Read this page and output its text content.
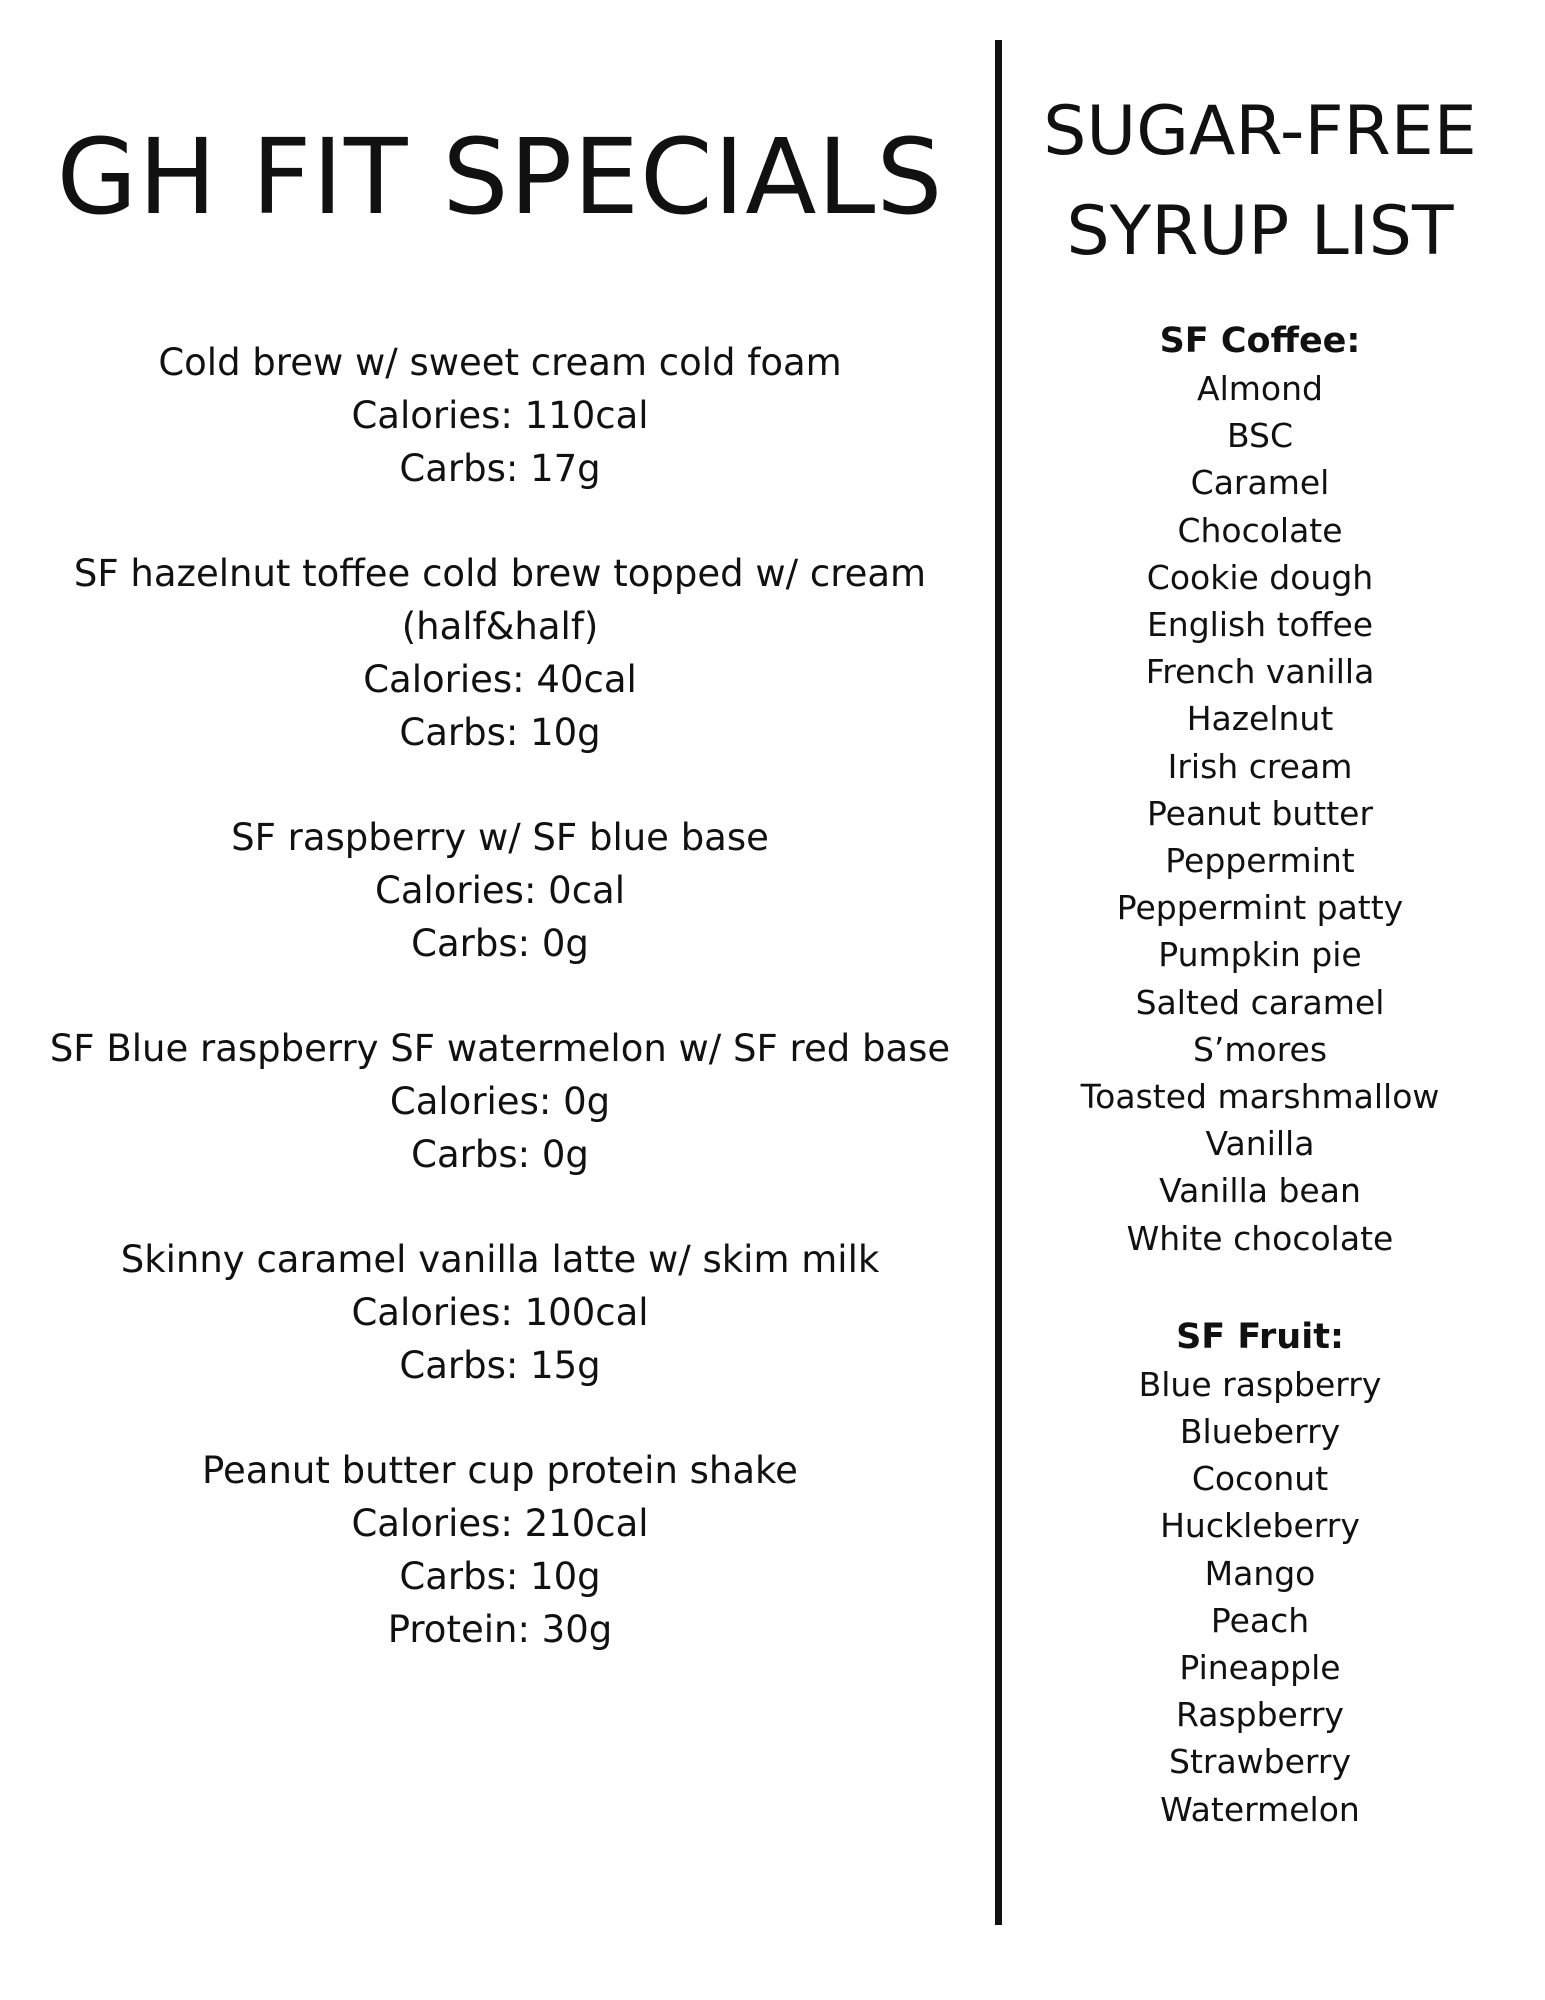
GH FIT SPECIALS
Cold brew w/ sweet cream cold foam
Calories: 110cal
Carbs: 17g
SF hazelnut toffee cold brew topped w/ cream
(half&half)
Calories: 40cal
Carbs: 10g
SF raspberry w/ SF blue base
Calories: 0cal
Carbs: 0g
SF Blue raspberry SF watermelon w/ SF red base
Calories: 0g
Carbs: 0g
Skinny caramel vanilla latte w/ skim milk
Calories: 100cal
Carbs: 15g
Peanut butter cup protein shake
Calories: 210cal
Carbs: 10g
Protein: 30g
SUGAR-FREE
SYRUP LIST
SF Coffee:
Almond
BSC
Caramel
Chocolate
Cookie dough
English toffee
French vanilla
Hazelnut
Irish cream
Peanut butter
Peppermint
Peppermint patty
Pumpkin pie
Salted caramel
S’mores
Toasted marshmallow
Vanilla
Vanilla bean
White chocolate
SF Fruit:
Blue raspberry
Blueberry
Coconut
Huckleberry
Mango
Peach
Pineapple
Raspberry
Strawberry
Watermelon
